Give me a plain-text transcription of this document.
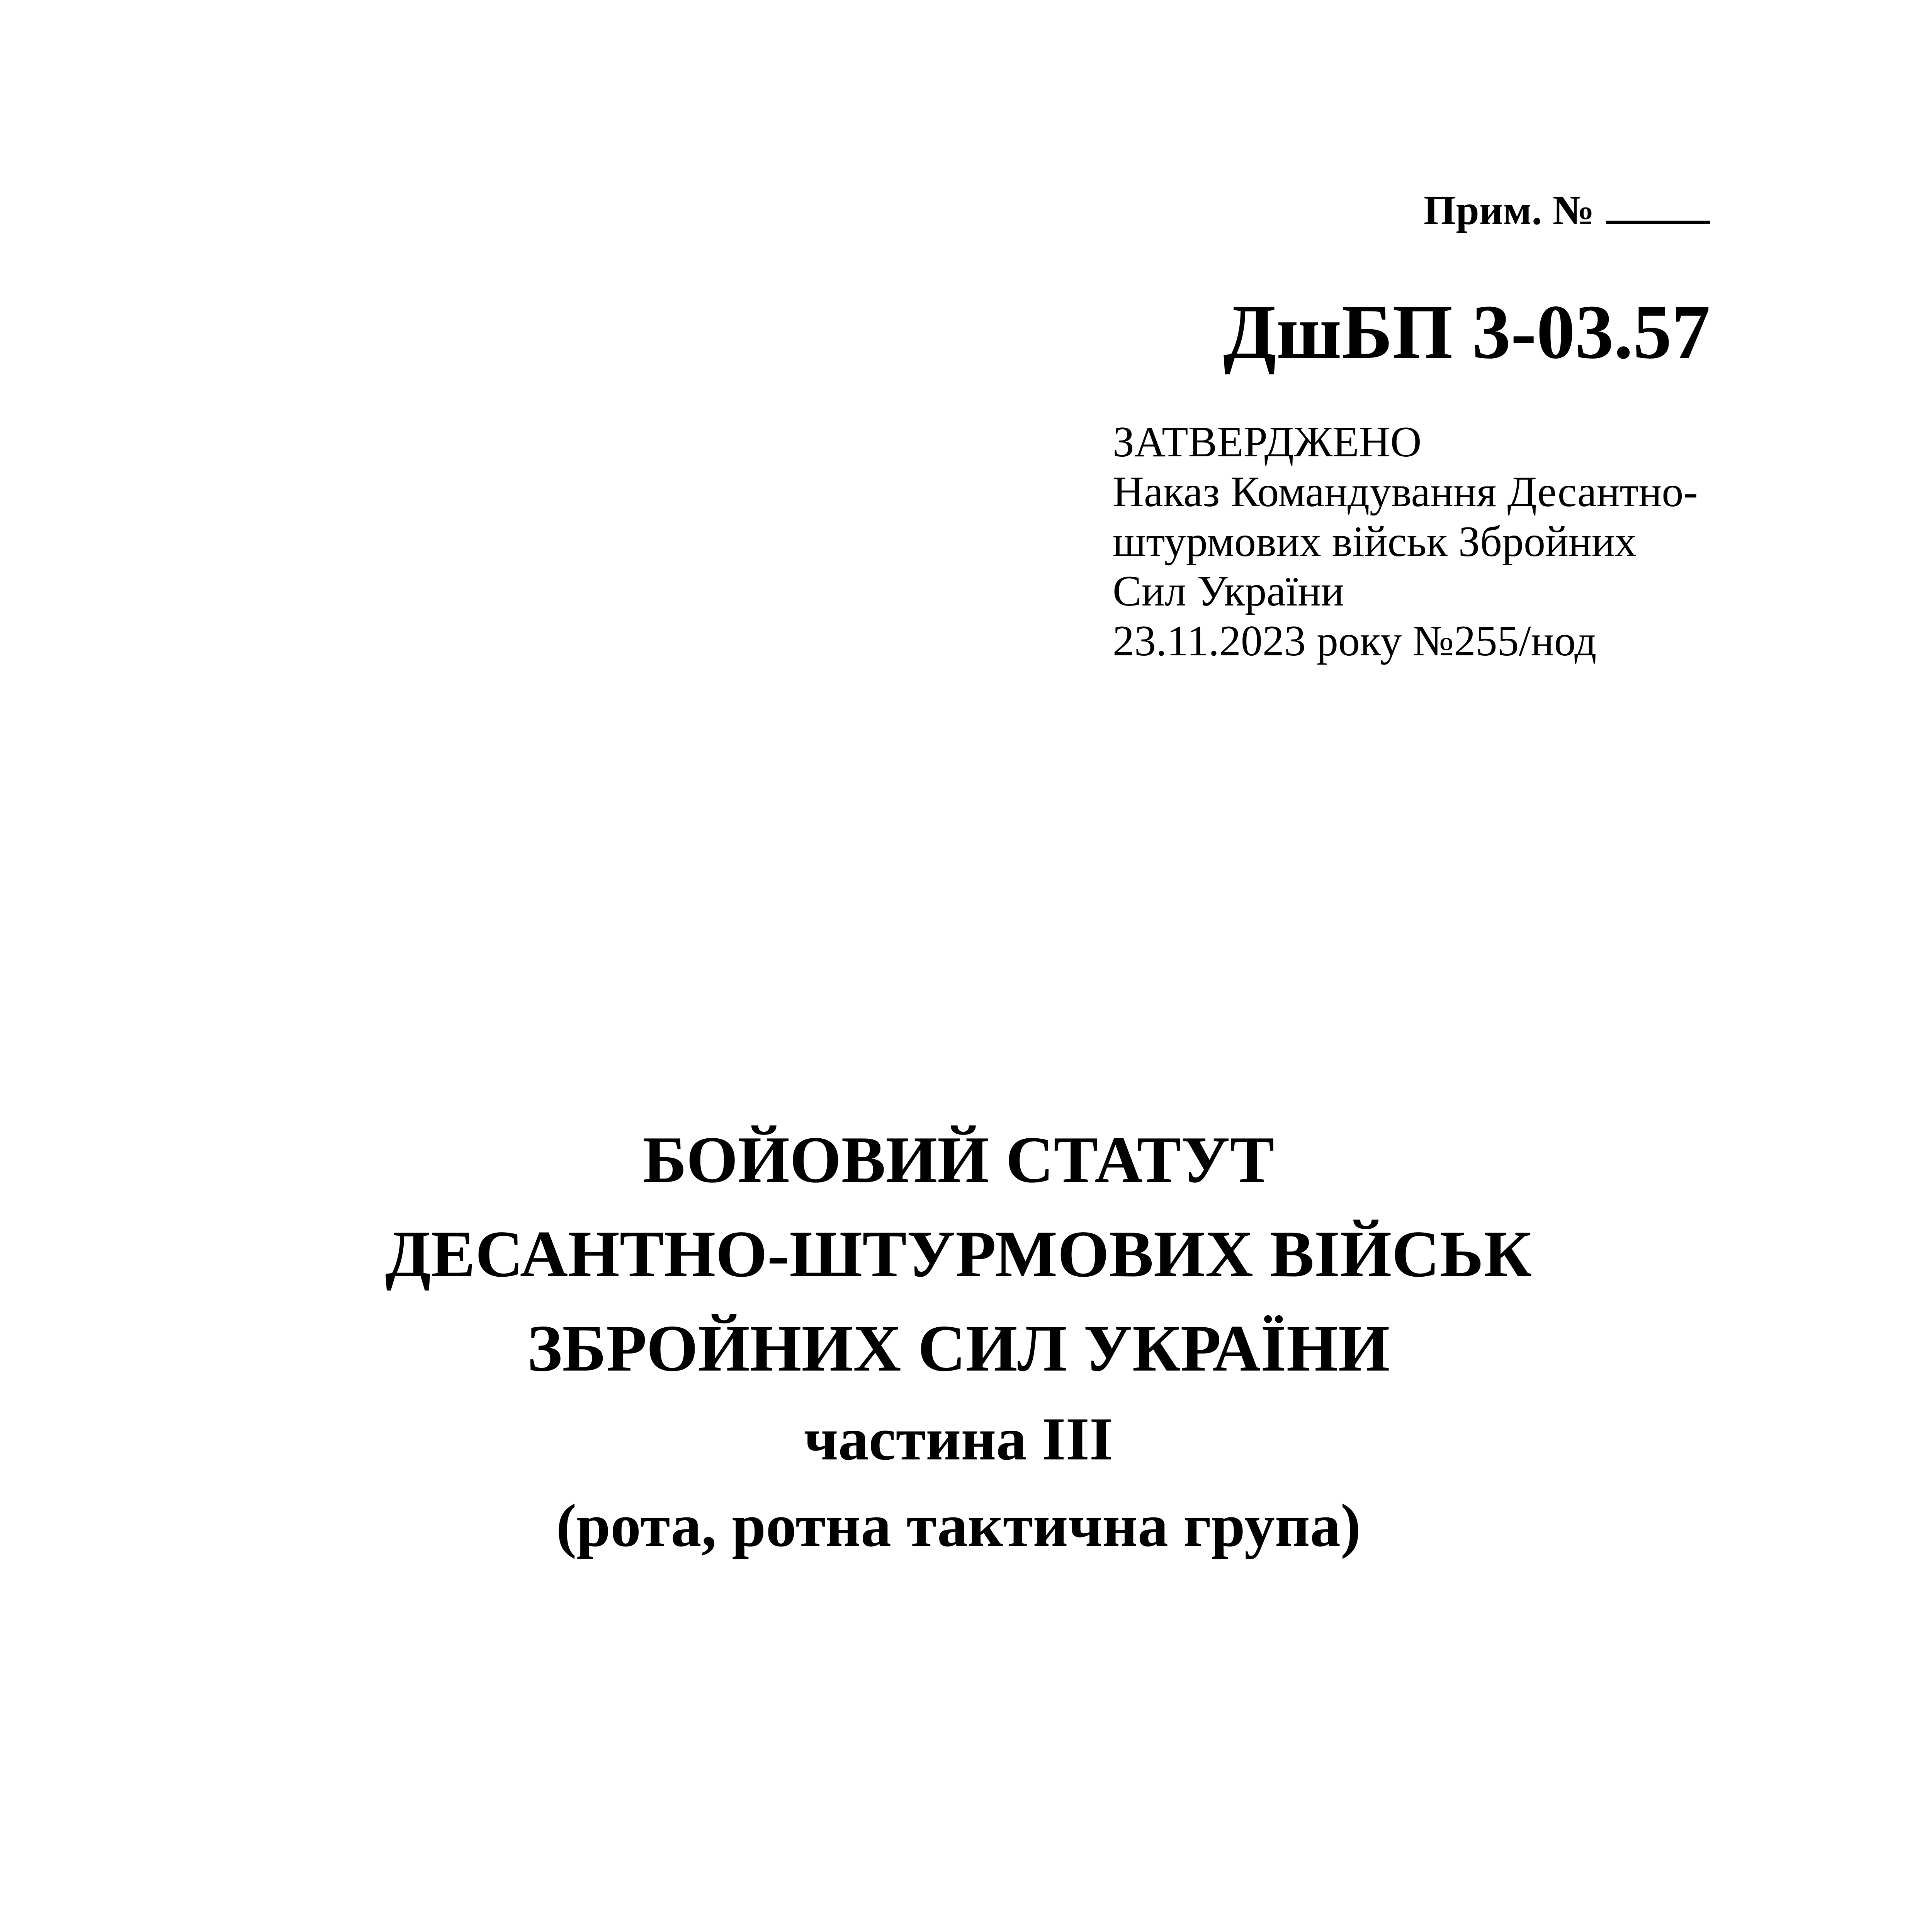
Прим. №
ДшБП 3-03.57
ЗАТВЕРДЖЕНО
Наказ Командування Десантно-
штурмових військ Збройних
Сил України
23.11.2023 року №255/нод
БОЙОВИЙ СТАТУТ
ДЕСАНТНО-ШТУРМОВИХ ВІЙСЬК
ЗБРОЙНИХ СИЛ УКРАЇНИ
частина ІІІ
(рота, ротна тактична група)
